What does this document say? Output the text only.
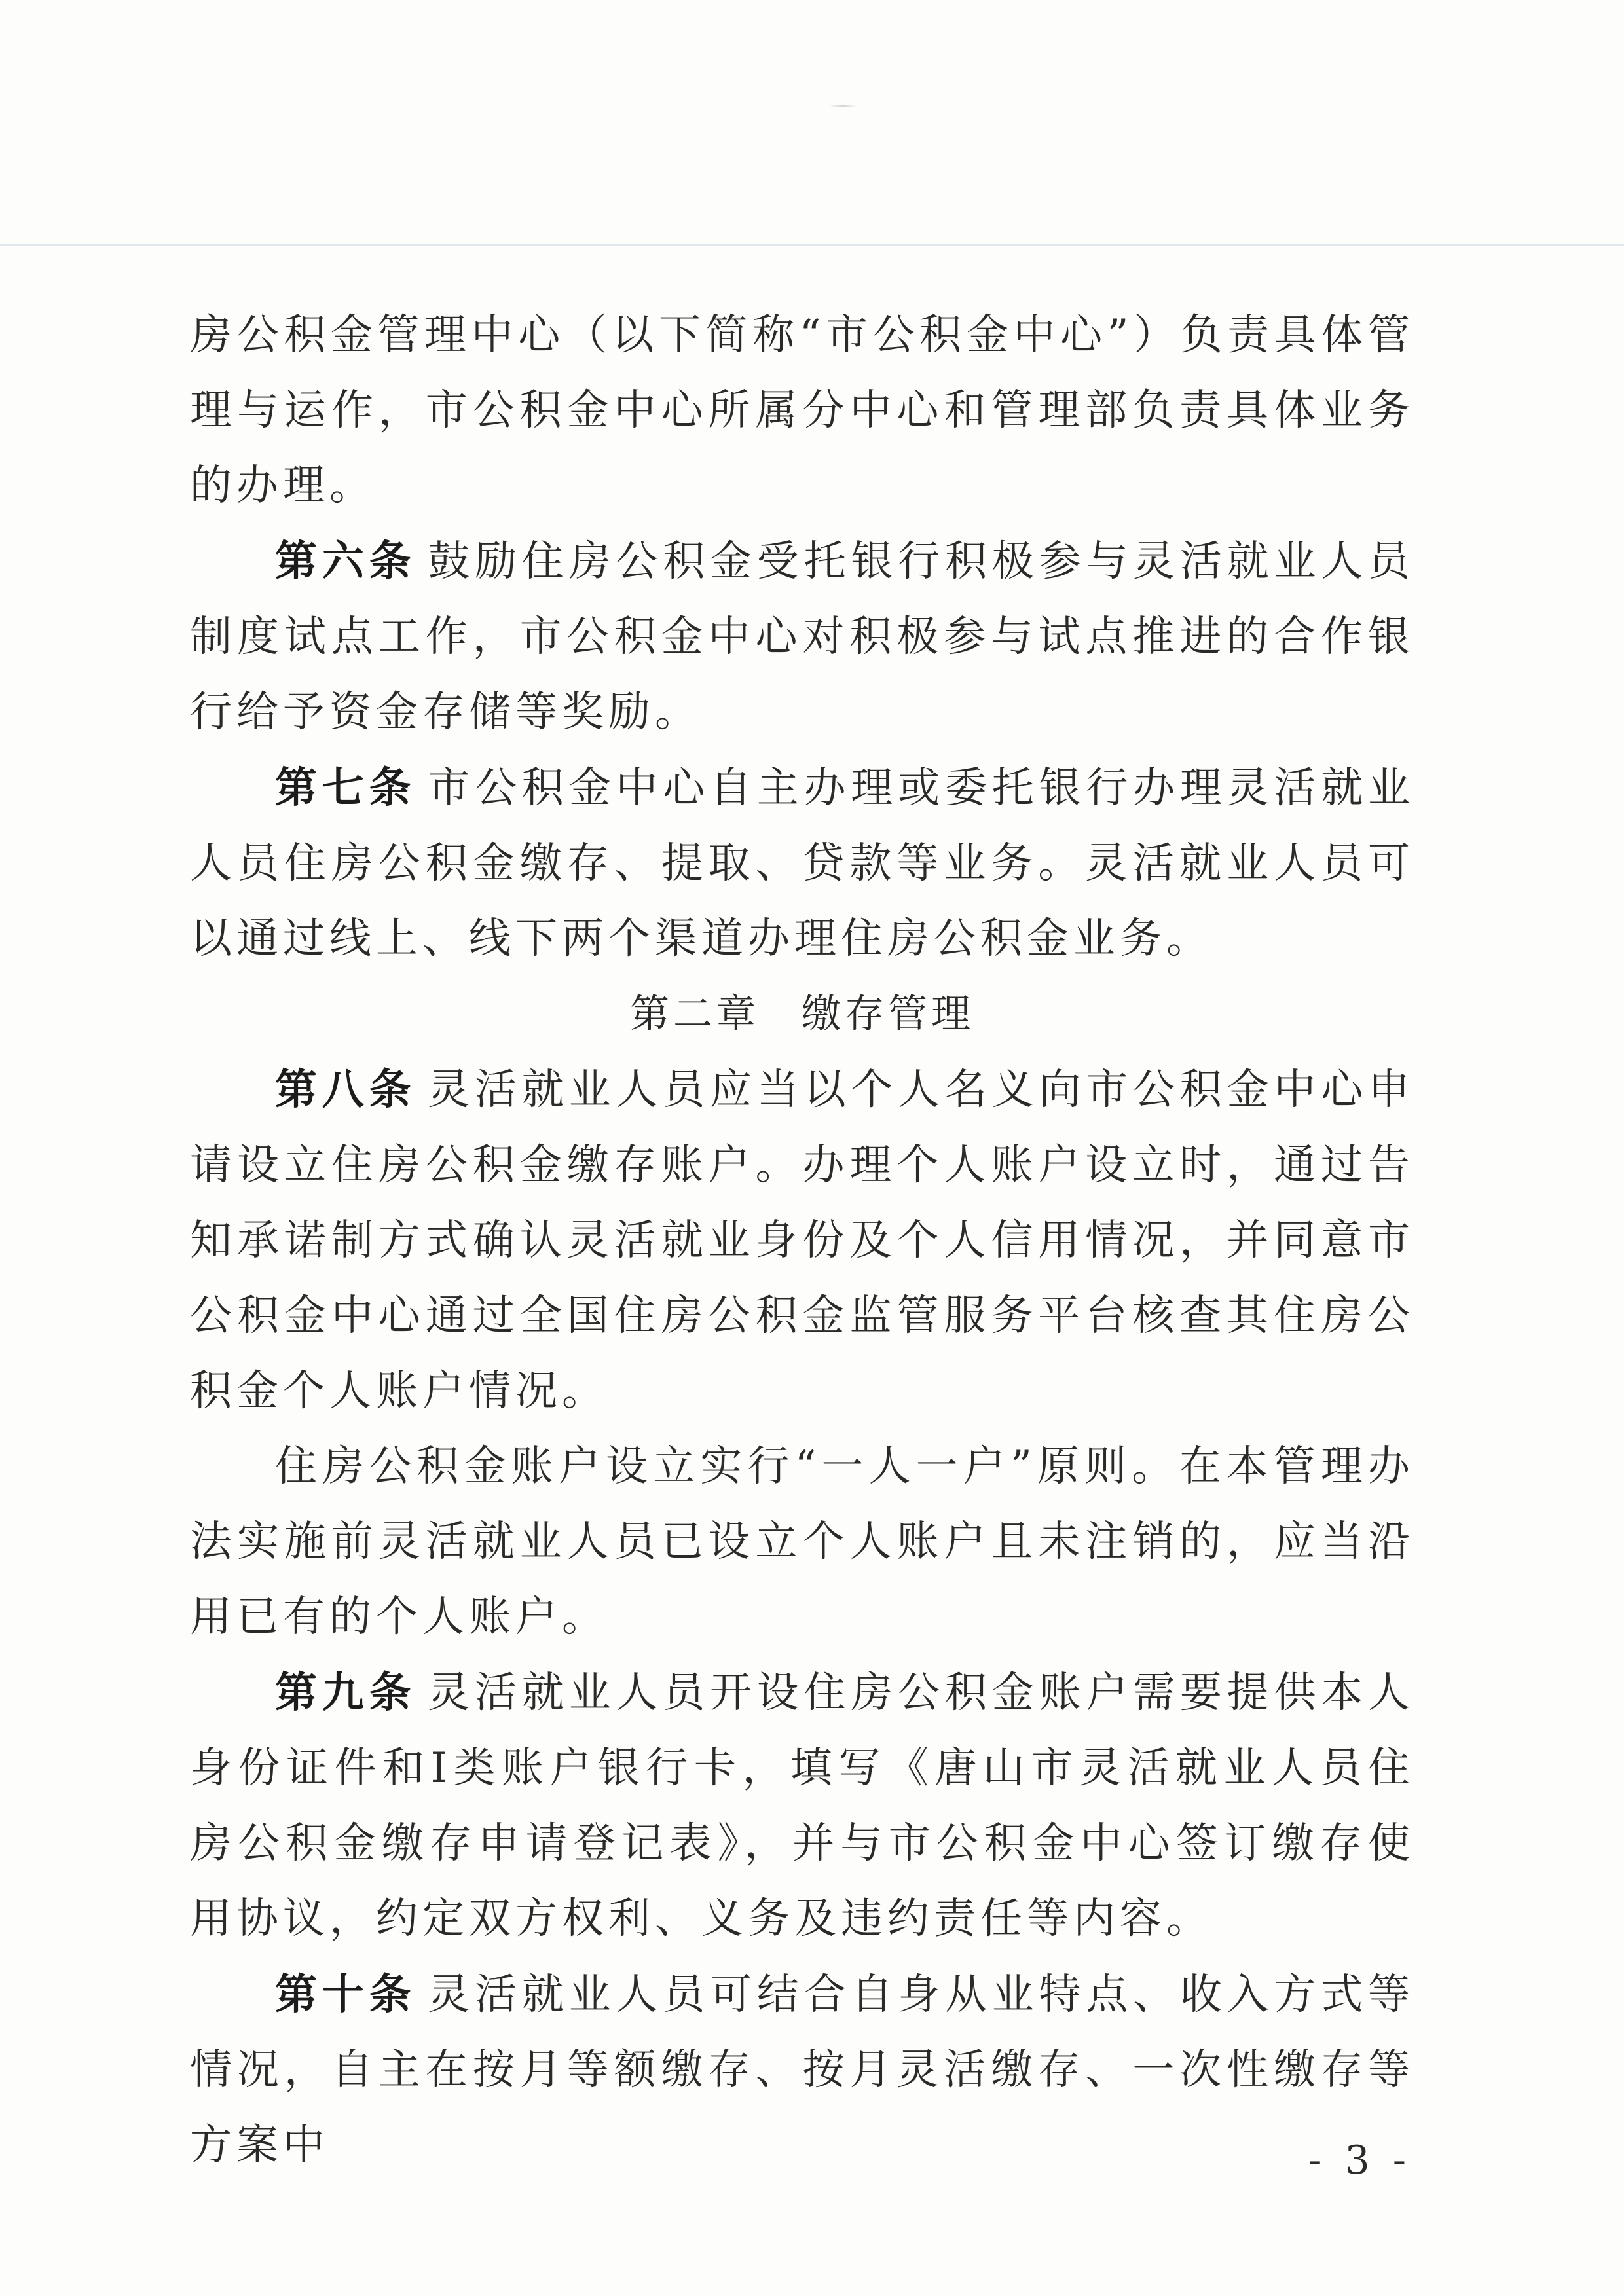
房公积金管理中心（以下简称“市公积金中心”）负责具体管理与运作，市公积金中心所属分中心和管理部负责具体业务的办理。

第六条 鼓励住房公积金受托银行积极参与灵活就业人员制度试点工作，市公积金中心对积极参与试点推进的合作银行给予资金存储等奖励。

第七条 市公积金中心自主办理或委托银行办理灵活就业人员住房公积金缴存、提取、贷款等业务。灵活就业人员可以通过线上、线下两个渠道办理住房公积金业务。

第二章 缴存管理

第八条 灵活就业人员应当以个人名义向市公积金中心申请设立住房公积金缴存账户。办理个人账户设立时，通过告知承诺制方式确认灵活就业身份及个人信用情况，并同意市公积金中心通过全国住房公积金监管服务平台核查其住房公积金个人账户情况。

住房公积金账户设立实行“一人一户”原则。在本管理办法实施前灵活就业人员已设立个人账户且未注销的，应当沿用已有的个人账户。

第九条 灵活就业人员开设住房公积金账户需要提供本人身份证件和Ⅰ类账户银行卡，填写《唐山市灵活就业人员住房公积金缴存申请登记表》，并与市公积金中心签订缴存使用协议，约定双方权利、义务及违约责任等内容。

第十条 灵活就业人员可结合自身从业特点、收入方式等情况，自主在按月等额缴存、按月灵活缴存、一次性缴存等方案中	- 3 -
